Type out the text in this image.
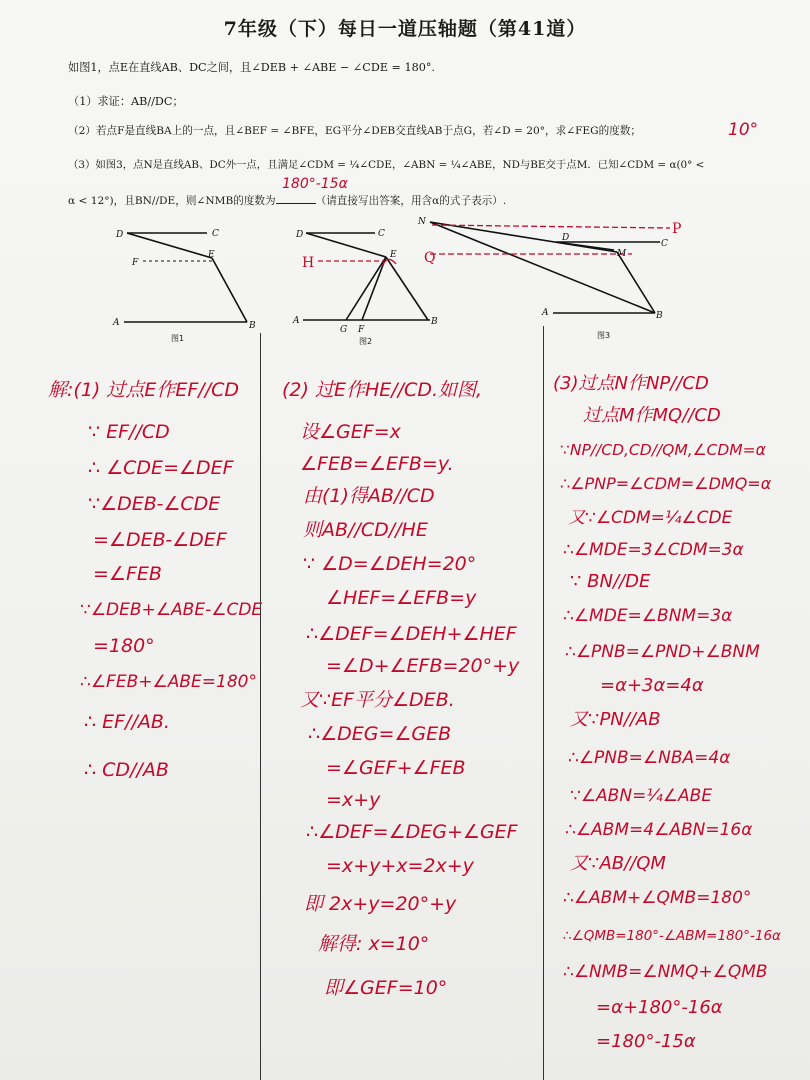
7年级（下）每日一道压轴题（第41道）
如图1，点E在直线AB、DC之间，且∠DEB + ∠ABE − ∠CDE = 180°.
（1）求证：AB//DC；
（2）若点F是直线BA上的一点，且∠BEF = ∠BFE，EG平分∠DEB交直线AB于点G，若∠D = 20°，求∠FEG的度数；	10°
（3）如图3，点N是直线AB、DC外一点，且满足∠CDM = ¼∠CDE，∠ABN = ¼∠ABE，ND与BE交于点M．已知∠CDM = α(0° <
α < 12°)，且BN//DE，则∠NMB的度数为	（请直接写出答案，用含α的式子表示）.
180°-15α
D	C
F
E
A	B
D	C
E
A
G F
B
H
N
D
M
C
A	B
P
Q
图1	图2
图3
解:(1) 过点E作EF//CD
∵ EF//CD
∴ ∠CDE=∠DEF
∵∠DEB-∠CDE
=∠DEB-∠DEF
=∠FEB
∵∠DEB+∠ABE-∠CDE
=180°
∴∠FEB+∠ABE=180°
∴ EF//AB.
∴ CD//AB
(2) 过E作HE//CD.如图,
设∠GEF=x
∠FEB=∠EFB=y.
由(1)得AB//CD
则AB//CD//HE
∵ ∠D=∠DEH=20°
∠HEF=∠EFB=y
∴∠DEF=∠DEH+∠HEF
=∠D+∠EFB=20°+y
又∵EF平分∠DEB.
∴∠DEG=∠GEB
=∠GEF+∠FEB
=x+y
∴∠DEF=∠DEG+∠GEF
=x+y+x=2x+y
即 2x+y=20°+y
解得: x=10°
即∠GEF=10°
(3)过点N作NP//CD
过点M作MQ//CD
∵NP//CD,CD//QM,∠CDM=α
∴∠PNP=∠CDM=∠DMQ=α
又∵∠CDM=¼∠CDE
∴∠MDE=3∠CDM=3α
∵ BN//DE
∴∠MDE=∠BNM=3α
∴∠PNB=∠PND+∠BNM
=α+3α=4α
又∵PN//AB
∴∠PNB=∠NBA=4α
∵∠ABN=¼∠ABE
∴∠ABM=4∠ABN=16α
又∵AB//QM
∴∠ABM+∠QMB=180°
∴∠QMB=180°-∠ABM=180°-16α
∴∠NMB=∠NMQ+∠QMB
=α+180°-16α
=180°-15α
